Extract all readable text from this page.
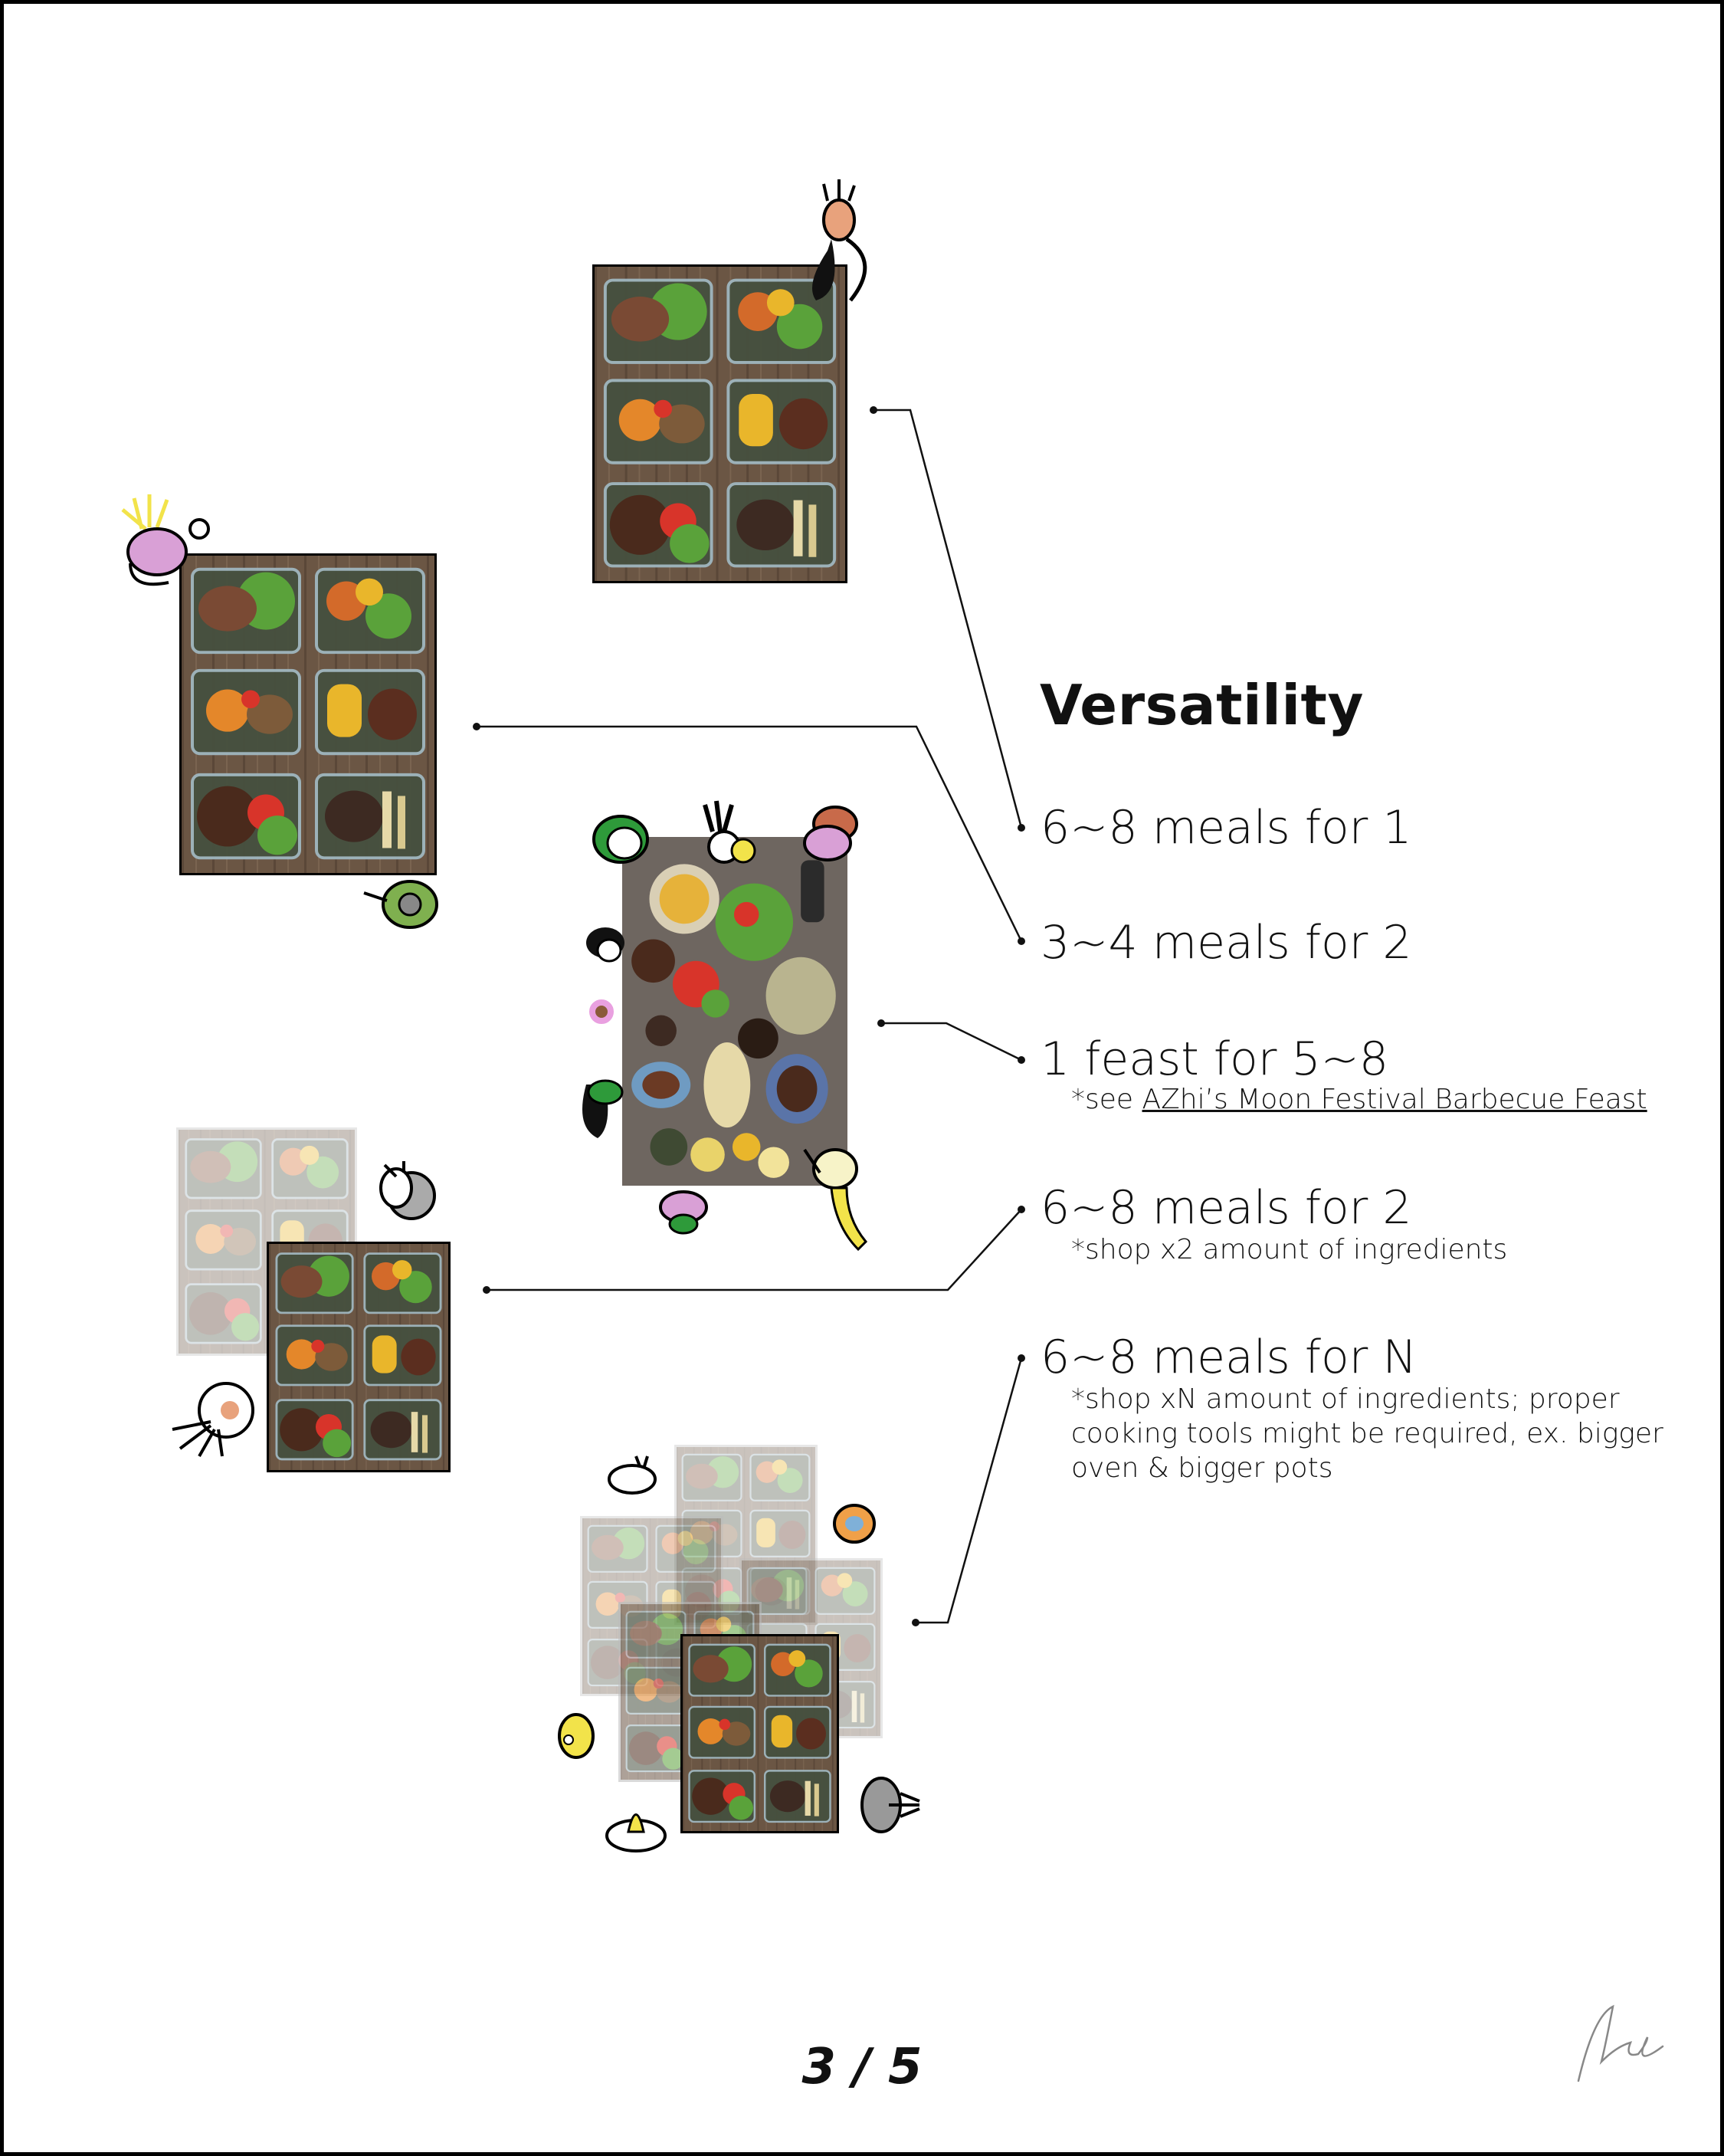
Versatility
6~8 meals for 1
3~4 meals for 2
1 feast for 5~8
*see AZhi’s Moon Festival Barbecue Feast
6~8 meals for 2
*shop x2 amount of ingredients
6~8 meals for N
*shop xN amount of ingredients; proper
cooking tools might be required, ex. bigger
oven & bigger pots
3 / 5
